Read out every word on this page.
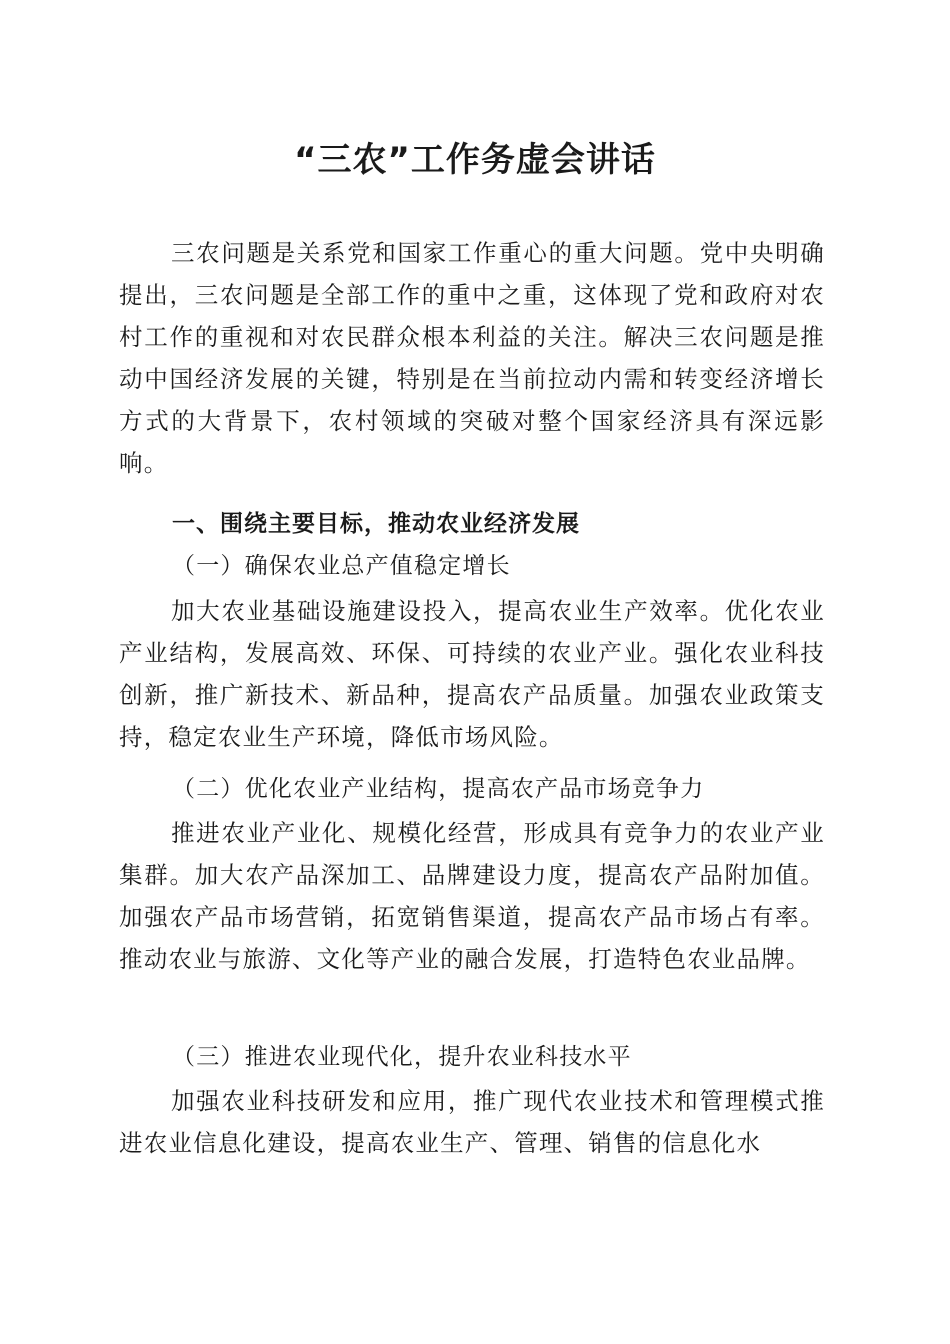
“三农”工作务虚会讲话

三农问题是关系党和国家工作重心的重大问题。党中央明确提出，三农问题是全部工作的重中之重，这体现了党和政府对农村工作的重视和对农民群众根本利益的关注。解决三农问题是推动中国经济发展的关键，特别是在当前拉动内需和转变经济增长方式的大背景下，农村领域的突破对整个国家经济具有深远影响。

一、围绕主要目标，推动农业经济发展

（一）确保农业总产值稳定增长

加大农业基础设施建设投入，提高农业生产效率。优化农业产业结构，发展高效、环保、可持续的农业产业。强化农业科技创新，推广新技术、新品种，提高农产品质量。加强农业政策支持，稳定农业生产环境，降低市场风险。

（二）优化农业产业结构，提高农产品市场竞争力

推进农业产业化、规模化经营，形成具有竞争力的农业产业集群。加大农产品深加工、品牌建设力度，提高农产品附加值。加强农产品市场营销，拓宽销售渠道，提高农产品市场占有率。推动农业与旅游、文化等产业的融合发展，打造特色农业品牌。

（三）推进农业现代化，提升农业科技水平

加强农业科技研发和应用，推广现代农业技术和管理模式推进农业信息化建设，提高农业生产、管理、销售的信息化水
